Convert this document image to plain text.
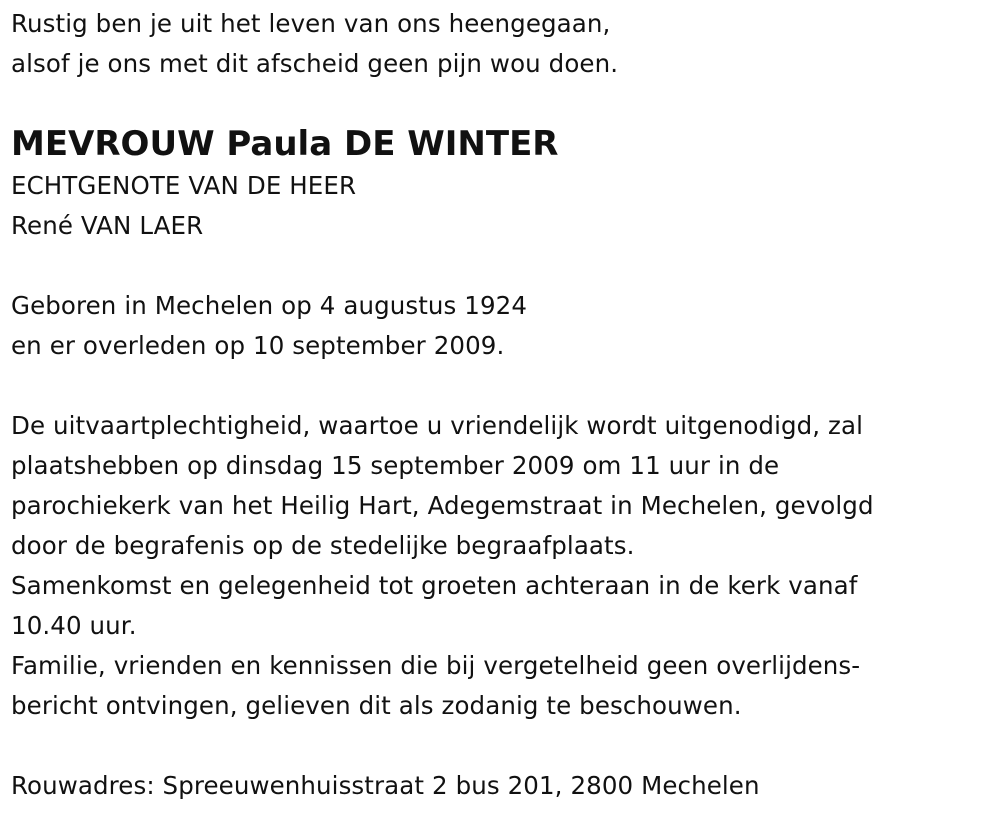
Rustig ben je uit het leven van ons heengegaan,
alsof je ons met dit afscheid geen pijn wou doen.
MEVROUW Paula DE WINTER
ECHTGENOTE VAN DE HEER
René VAN LAER
Geboren in Mechelen op 4 augustus 1924
en er overleden op 10 september 2009.
De uitvaartplechtigheid, waartoe u vriendelijk wordt uitgenodigd, zal
plaatshebben op dinsdag 15 september 2009 om 11 uur in de
parochiekerk van het Heilig Hart, Adegemstraat in Mechelen, gevolgd
door de begrafenis op de stedelijke begraafplaats.
Samenkomst en gelegenheid tot groeten achteraan in de kerk vanaf
10.40 uur.
Familie, vrienden en kennissen die bij vergetelheid geen overlijdens-
bericht ontvingen, gelieven dit als zodanig te beschouwen.
Rouwadres: Spreeuwenhuisstraat 2 bus 201, 2800 Mechelen
